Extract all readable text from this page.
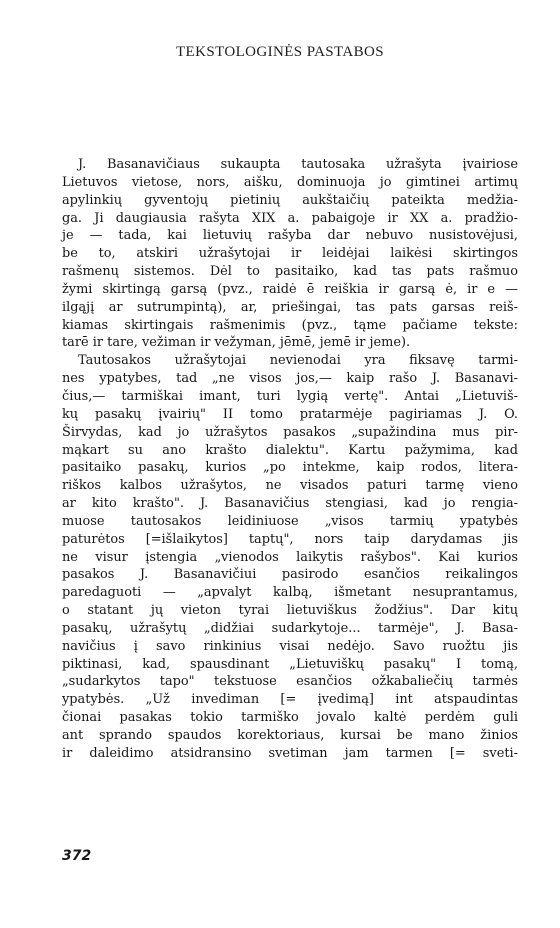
TEKSTOLOGINĖS PASTABOS
J. Basanavičiaus sukaupta tautosaka užrašyta įvairiose
Lietuvos vietose, nors, aišku, dominuoja jo gimtinei artimų
apylinkių gyventojų pietinių aukštaičių pateikta medžia-
ga. Ji daugiausia rašyta XIX a. pabaigoje ir XX a. pradžio-
je — tada, kai lietuvių rašyba dar nebuvo nusistovėjusi,
be to, atskiri užrašytojai ir leidėjai laikėsi skirtingos
rašmenų sistemos. Dėl to pasitaiko, kad tas pats rašmuo
žymi skirtingą garsą (pvz., raidė ē reiškia ir garsą ė, ir e —
ilgąjį ar sutrumpintą), ar, priešingai, tas pats garsas reiš-
kiamas skirtingais rašmenimis (pvz., tąme pačiame tekste:
tarē ir tare, vežiman ir vežyman, jēmē, jemē ir jeme).
Tautosakos užrašytojai nevienodai yra fiksavę tarmi-
nes ypatybes, tad „ne visos jos,— kaip rašo J. Basanavi-
čius,— tarmiškai imant, turi lygią vertę". Antai „Lietuviš-
kų pasakų įvairių" II tomo pratarmėje pagiriamas J. O.
Širvydas, kad jo užrašytos pasakos „supažindina mus pir-
mąkart su ano krašto dialektu". Kartu pažymima, kad
pasitaiko pasakų, kurios „po intekme, kaip rodos, litera-
riškos kalbos užrašytos, ne visados paturi tarmę vieno
ar kito krašto". J. Basanavičius stengiasi, kad jo rengia-
muose tautosakos leidiniuose „visos tarmių ypatybės
paturėtos [=išlaikytos] taptų", nors taip darydamas jis
ne visur įstengia „vienodos laikytis rašybos". Kai kurios
pasakos J. Basanavičiui pasirodo esančios reikalingos
paredaguoti — „apvalyt kalbą, išmetant nesuprantamus,
o statant jų vieton tyrai lietuviškus žodžius". Dar kitų
pasakų, užrašytų „didžiai sudarkytoje... tarmėje", J. Basa-
navičius į savo rinkinius visai nedėjo. Savo ruožtu jis
piktinasi, kad, spausdinant „Lietuviškų pasakų" I tomą,
„sudarkytos tapo" tekstuose esančios ožkabaliečių tarmės
ypatybės. „Už invediman [= įvedimą] int atspaudintas
čionai pasakas tokio tarmiško jovalo kaltė perdėm guli
ant sprando spaudos korektoriaus, kursai be mano žinios
ir daleidimo atsidransino svetiman jam tarmen [= sveti-
372
